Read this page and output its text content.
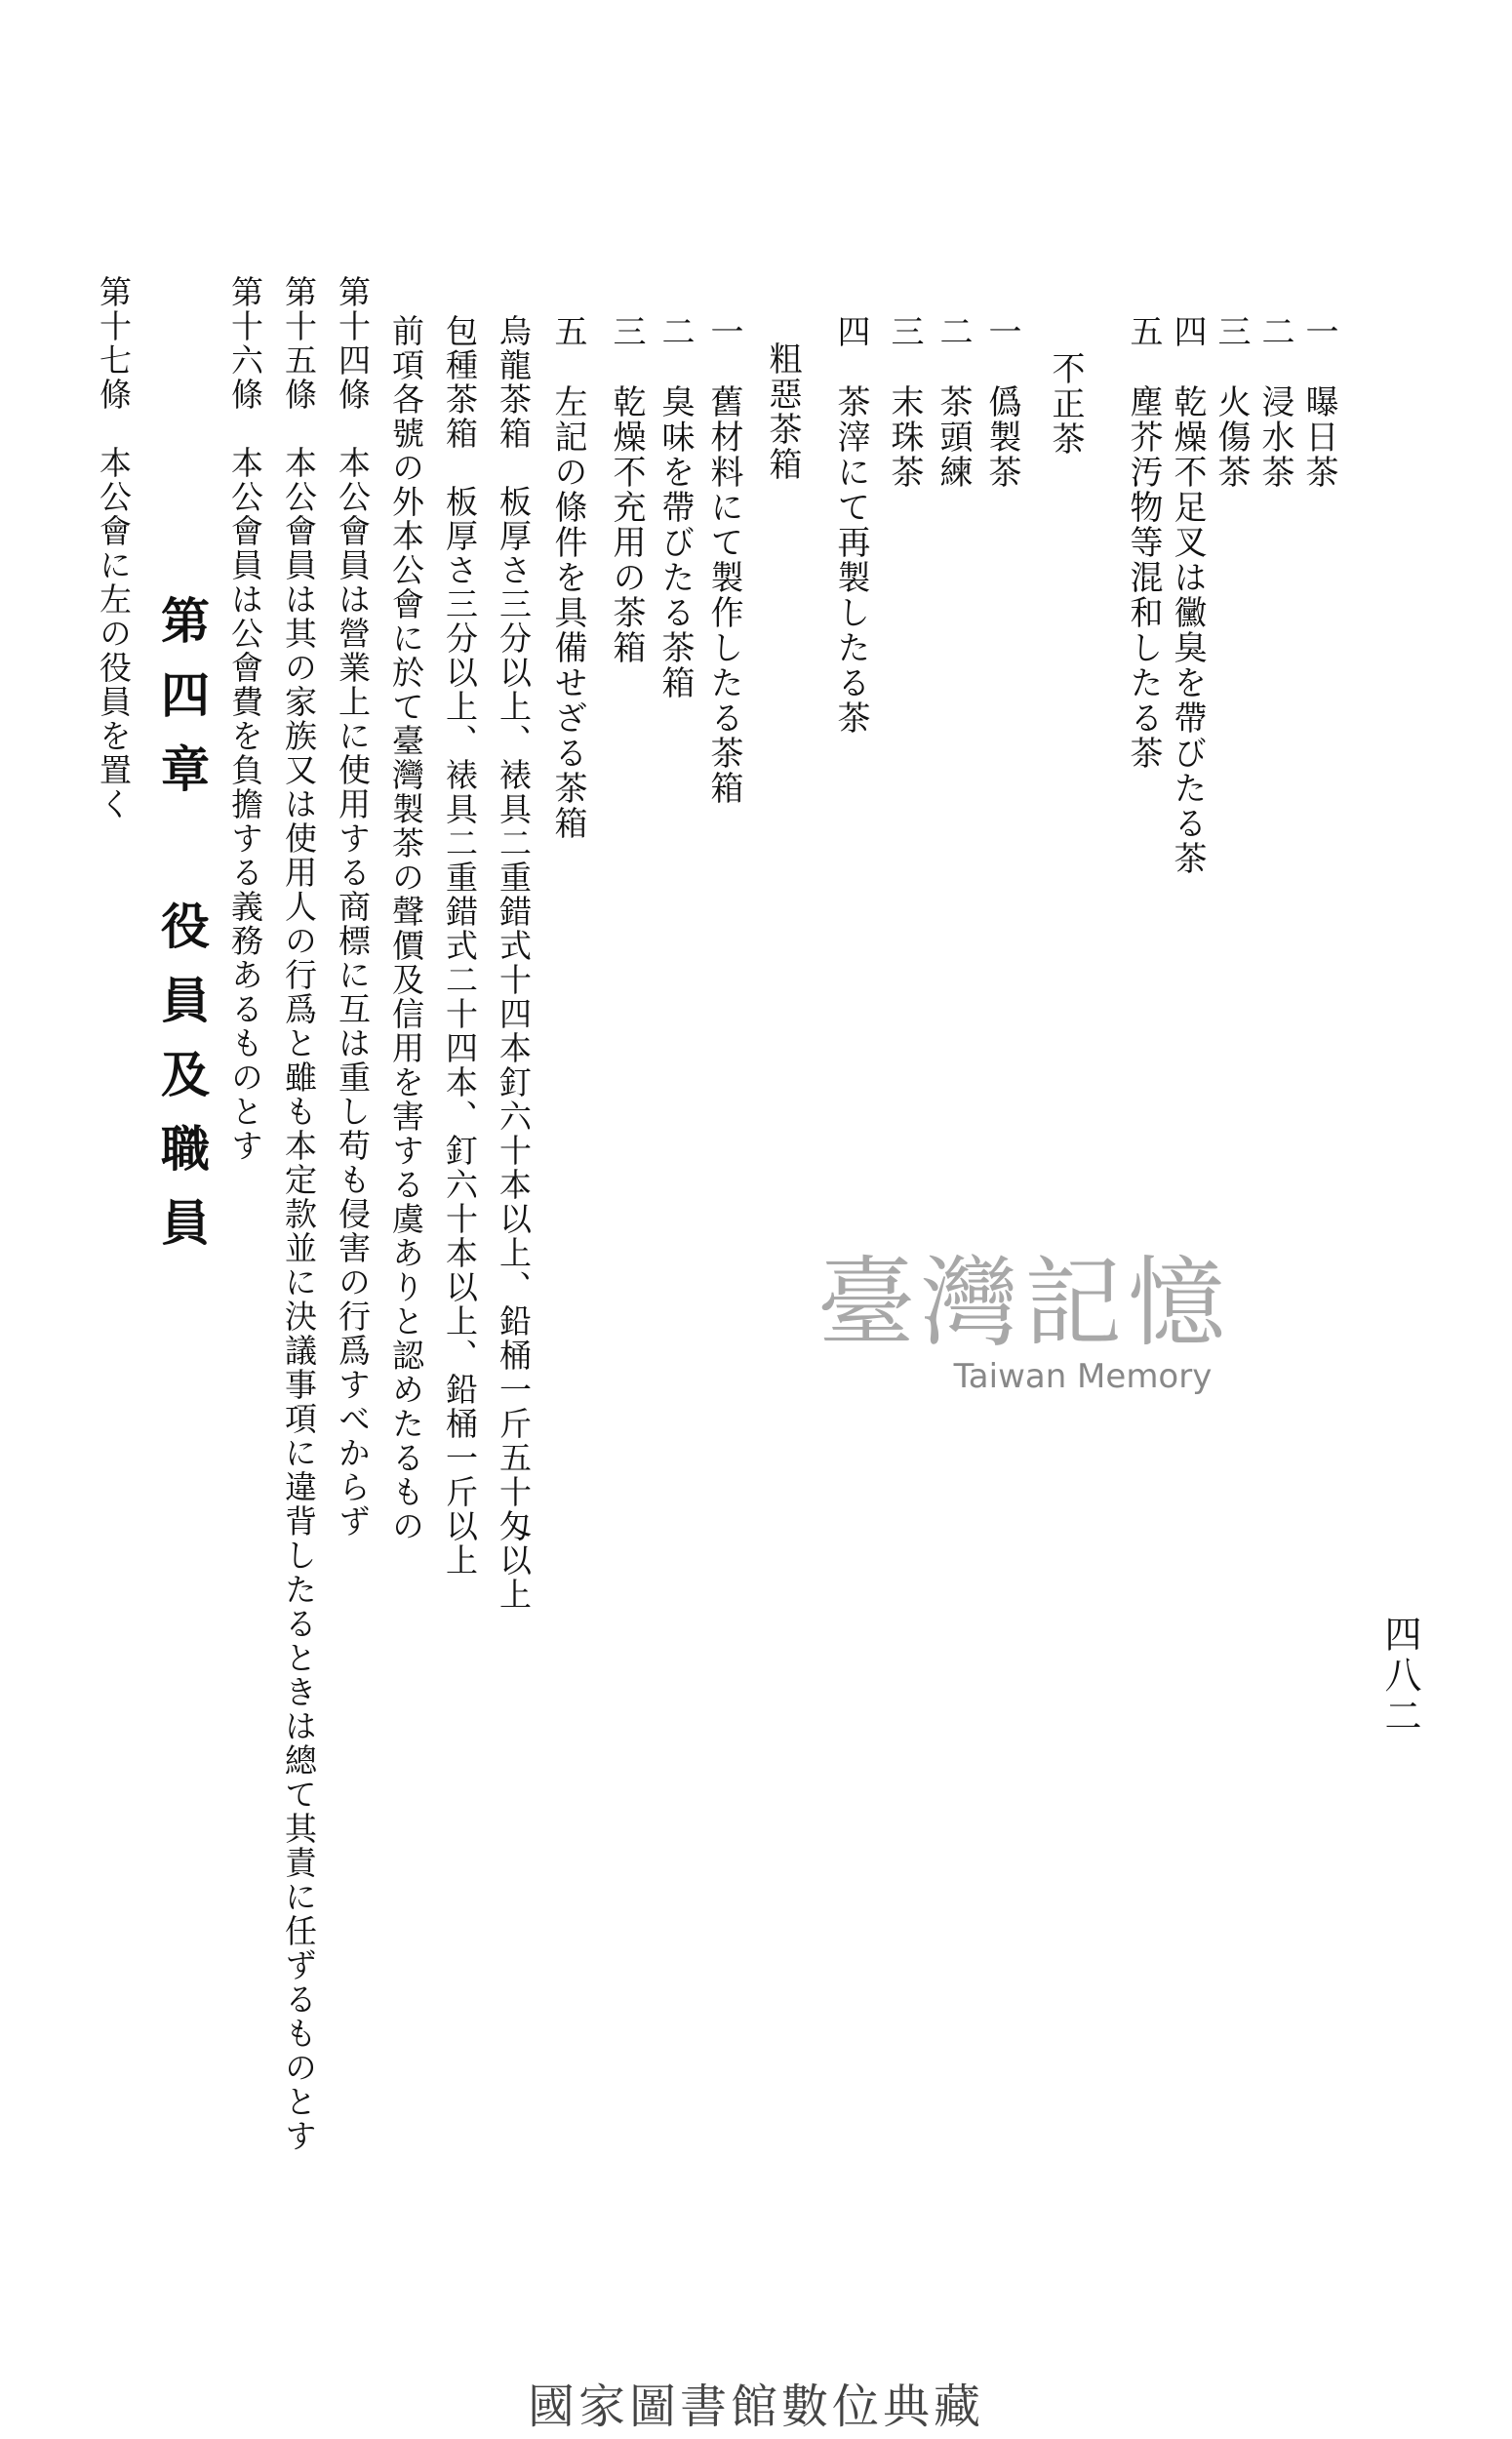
一　曝日茶
二　浸水茶
三　火傷茶
四　乾燥不足叉は黴臭を帶びたる茶
五　塵芥汚物等混和したる茶
不正茶
一　僞製茶
二　茶頭練
三　末珠茶
四　茶滓にて再製したる茶
粗惡茶箱
一　舊材料にて製作したる茶箱
二　臭味を帶びたる茶箱
三　乾燥不充用の茶箱
五　左記の條件を具備せざる茶箱
烏龍茶箱　板厚さ三分以上、裱具二重錯式十四本釘六十本以上、鉛桶一斤五十匁以上
包種茶箱　板厚さ三分以上、裱具二重錯式二十四本、釘六十本以上、鉛桶一斤以上
前項各號の外本公會に於て臺灣製茶の聲價及信用を害する虞ありと認めたるもの
第十四條　本公會員は營業上に使用する商標に互は重し苟も侵害の行爲すべからず
第十五條　本公會員は其の家族又は使用人の行爲と雖も本定款並に決議事項に違背したるときは總て其責に任ずるものとす
第十六條　本公會員は公會費を負擔する義務あるものとす
第十七條　本公會に左の役員を置く 第四章 役員及職員
四八二
臺灣記憶
Taiwan Memory
國家圖書館數位典藏
